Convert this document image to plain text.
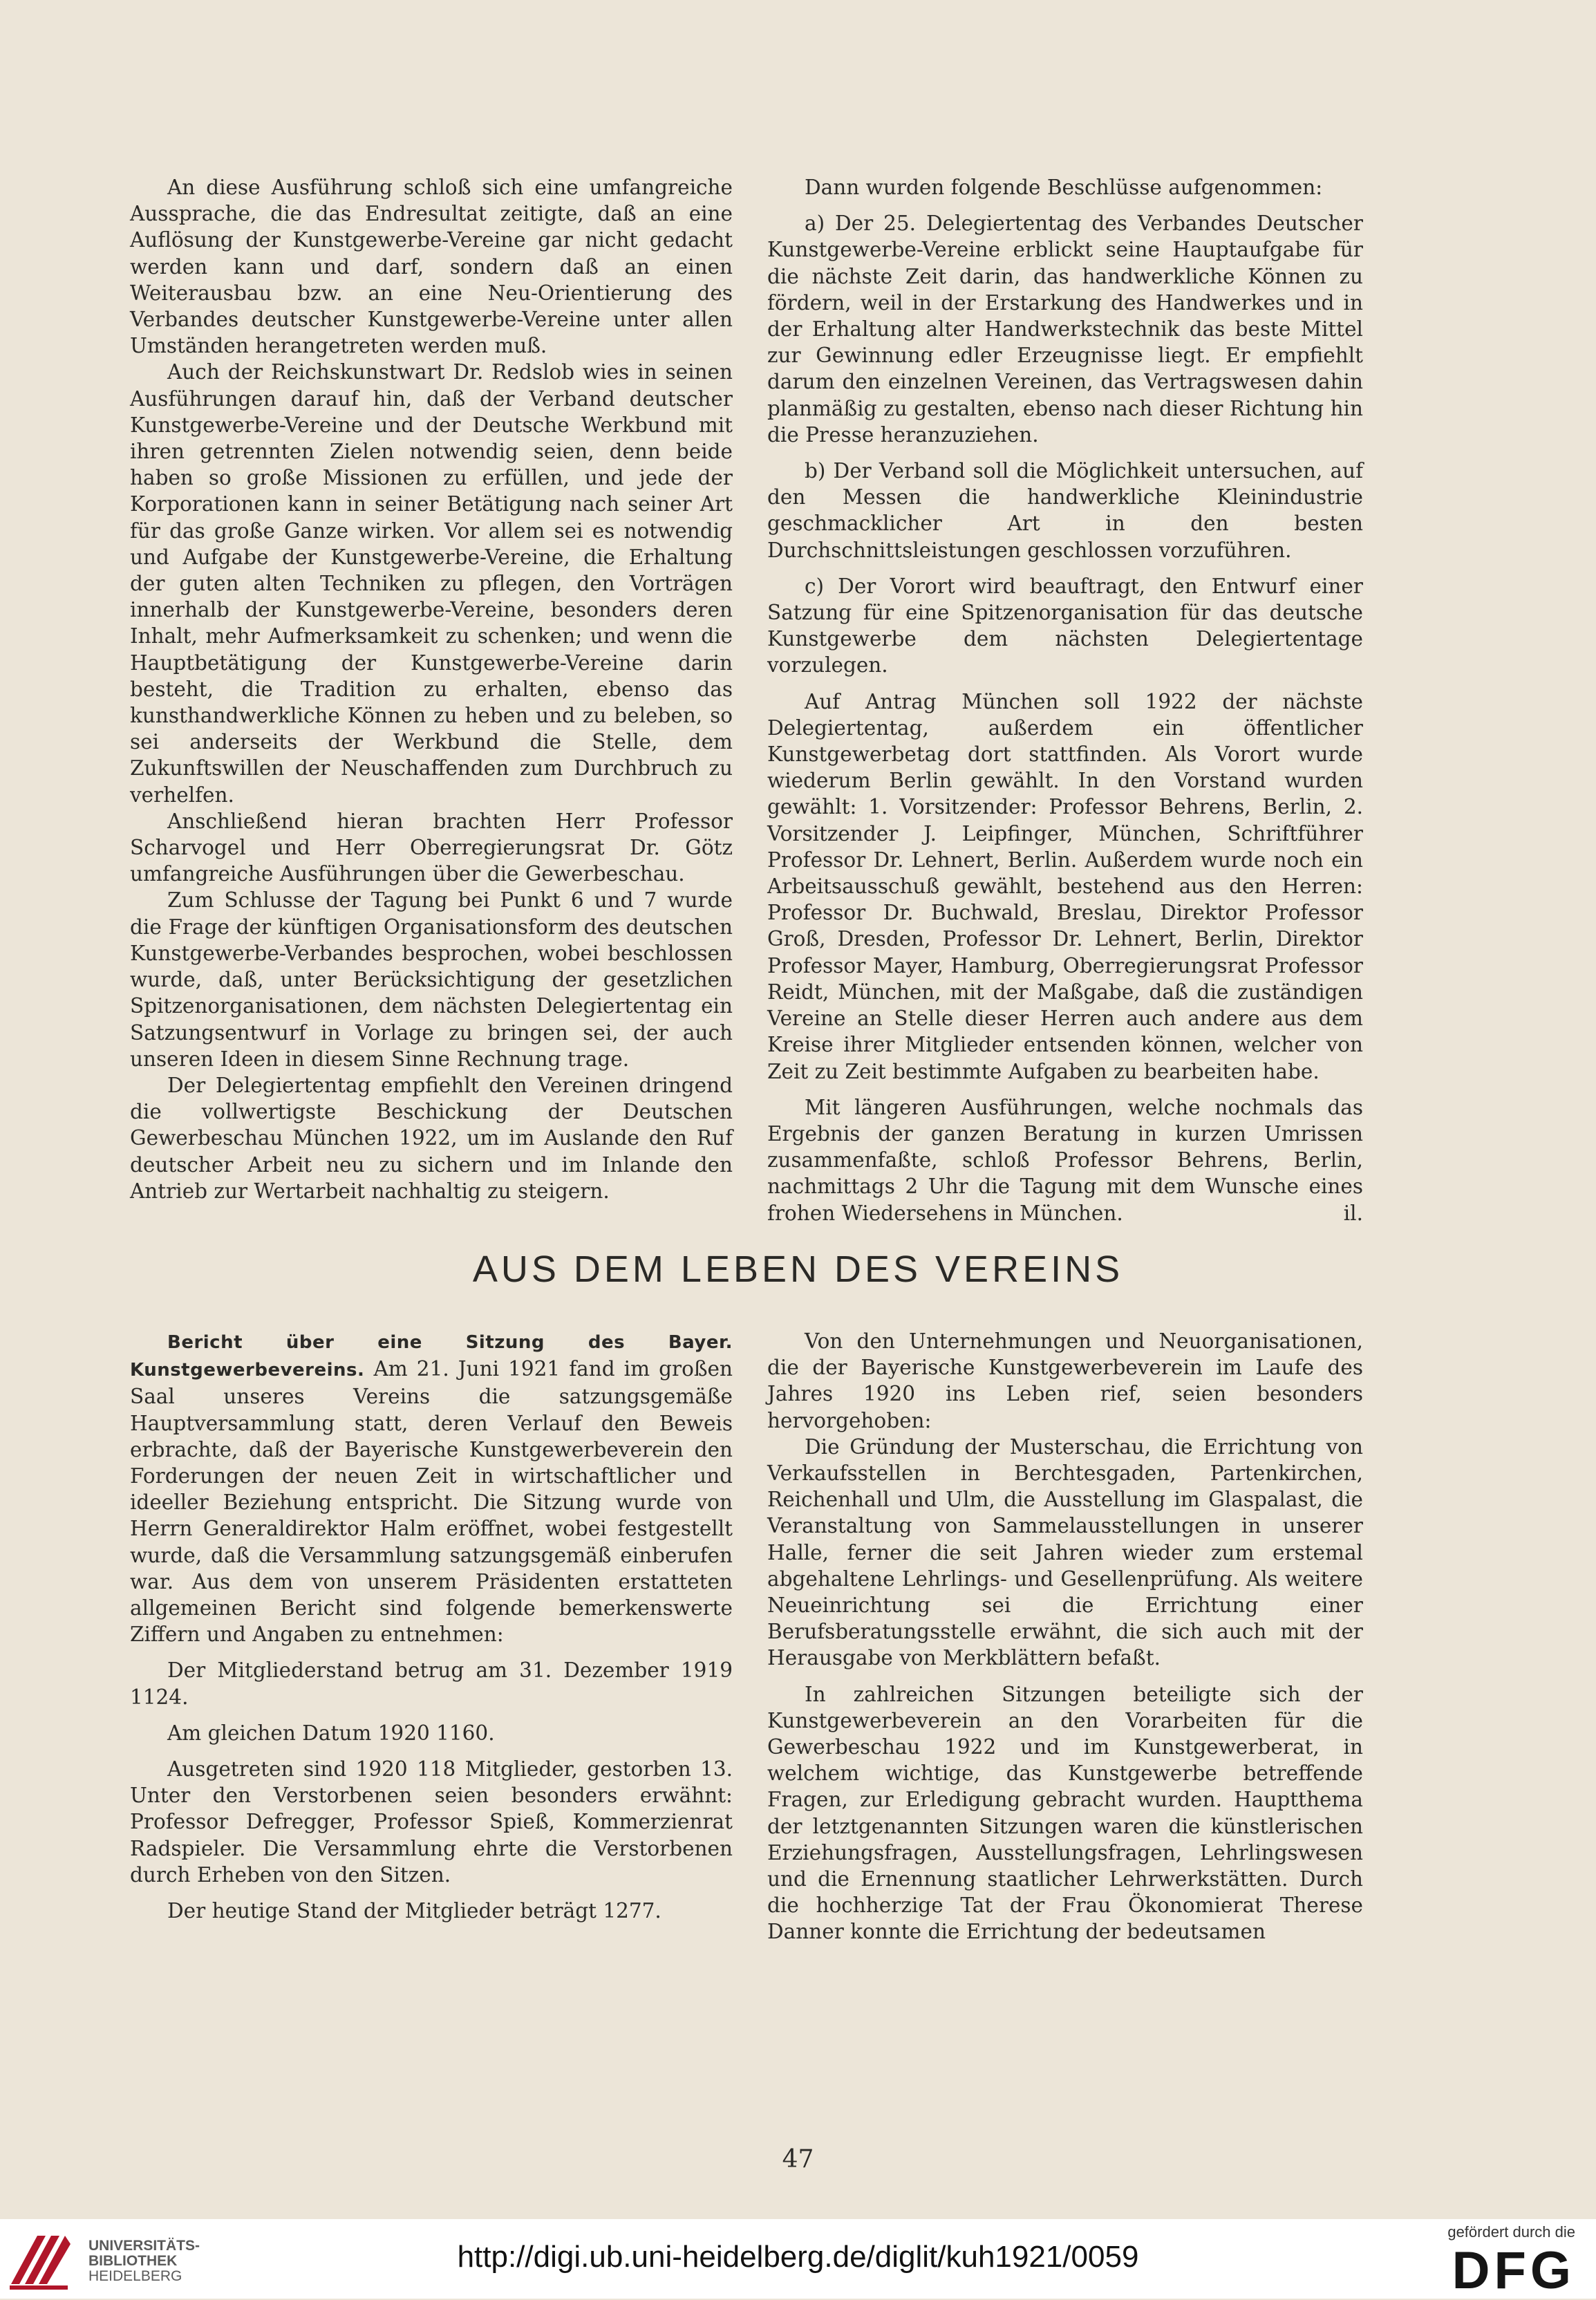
An diese Ausführung schloß sich eine umfangreiche Aussprache, die das Endresultat zeitigte, daß an eine Auflösung der Kunstgewerbe-Vereine gar nicht gedacht werden kann und darf, sondern daß an einen Weiterausbau bzw. an eine Neu-Orientierung des Verbandes deutscher Kunstgewerbe-Vereine unter allen Umständen herangetreten werden muß.

Auch der Reichskunstwart Dr. Redslob wies in seinen Ausführungen darauf hin, daß der Verband deutscher Kunstgewerbe-Vereine und der Deutsche Werkbund mit ihren getrennten Zielen notwendig seien, denn beide haben so große Missionen zu erfüllen, und jede der Korporationen kann in seiner Betätigung nach seiner Art für das große Ganze wirken. Vor allem sei es notwendig und Aufgabe der Kunstgewerbe-Vereine, die Erhaltung der guten alten Techniken zu pflegen, den Vorträgen innerhalb der Kunstgewerbe-Vereine, besonders deren Inhalt, mehr Aufmerksamkeit zu schenken; und wenn die Hauptbetätigung der Kunstgewerbe-Vereine darin besteht, die Tradition zu erhalten, ebenso das kunsthandwerkliche Können zu heben und zu beleben, so sei anderseits der Werkbund die Stelle, dem Zukunftswillen der Neuschaffenden zum Durchbruch zu verhelfen.

Anschließend hieran brachten Herr Professor Scharvogel und Herr Oberregierungsrat Dr. Götz umfangreiche Ausführungen über die Gewerbeschau.

Zum Schlusse der Tagung bei Punkt 6 und 7 wurde die Frage der künftigen Organisationsform des deutschen Kunstgewerbe-Verbandes besprochen, wobei beschlossen wurde, daß, unter Berücksichtigung der gesetzlichen Spitzenorganisationen, dem nächsten Delegiertentag ein Satzungsentwurf in Vorlage zu bringen sei, der auch unseren Ideen in diesem Sinne Rechnung trage.

Der Delegiertentag empfiehlt den Vereinen dringend die vollwertigste Beschickung der Deutschen Gewerbeschau München 1922, um im Auslande den Ruf deutscher Arbeit neu zu sichern und im Inlande den Antrieb zur Wertarbeit nachhaltig zu steigern.

Dann wurden folgende Beschlüsse aufgenommen:

a) Der 25. Delegiertentag des Verbandes Deutscher Kunstgewerbe-Vereine erblickt seine Hauptaufgabe für die nächste Zeit darin, das handwerkliche Können zu fördern, weil in der Erstarkung des Handwerkes und in der Erhaltung alter Handwerkstechnik das beste Mittel zur Gewinnung edler Erzeugnisse liegt. Er empfiehlt darum den einzelnen Vereinen, das Vertragswesen dahin planmäßig zu gestalten, ebenso nach dieser Richtung hin die Presse heranzuziehen.

b) Der Verband soll die Möglichkeit untersuchen, auf den Messen die handwerkliche Kleinindustrie geschmacklicher Art in den besten Durchschnittsleistungen geschlossen vorzuführen.

c) Der Vorort wird beauftragt, den Entwurf einer Satzung für eine Spitzenorganisation für das deutsche Kunstgewerbe dem nächsten Delegiertentage vorzulegen.

Auf Antrag München soll 1922 der nächste Delegiertentag, außerdem ein öffentlicher Kunstgewerbetag dort stattfinden. Als Vorort wurde wiederum Berlin gewählt. In den Vorstand wurden gewählt: 1. Vorsitzender: Professor Behrens, Berlin, 2. Vorsitzender J. Leipfinger, München, Schriftführer Professor Dr. Lehnert, Berlin. Außerdem wurde noch ein Arbeitsausschuß gewählt, bestehend aus den Herren: Professor Dr. Buchwald, Breslau, Direktor Professor Groß, Dresden, Professor Dr. Lehnert, Berlin, Direktor Professor Mayer, Hamburg, Oberregierungsrat Professor Reidt, München, mit der Maßgabe, daß die zuständigen Vereine an Stelle dieser Herren auch andere aus dem Kreise ihrer Mitglieder entsenden können, welcher von Zeit zu Zeit bestimmte Aufgaben zu bearbeiten habe.

Mit längeren Ausführungen, welche nochmals das Ergebnis der ganzen Beratung in kurzen Umrissen zusammenfaßte, schloß Professor Behrens, Berlin, nachmittags 2 Uhr die Tagung mit dem Wunsche eines frohen Wiedersehens in München.	il.

AUS DEM LEBEN DES VEREINS

Bericht über eine Sitzung des Bayer. Kunstgewerbevereins. Am 21. Juni 1921 fand im großen Saal unseres Vereins die satzungsgemäße Hauptversammlung statt, deren Verlauf den Beweis erbrachte, daß der Bayerische Kunstgewerbeverein den Forderungen der neuen Zeit in wirtschaftlicher und ideeller Beziehung entspricht. Die Sitzung wurde von Herrn Generaldirektor Halm eröffnet, wobei festgestellt wurde, daß die Versammlung satzungsgemäß einberufen war. Aus dem von unserem Präsidenten erstatteten allgemeinen Bericht sind folgende bemerkenswerte Ziffern und Angaben zu entnehmen:

Der Mitgliederstand betrug am 31. Dezember 1919 1124.

Am gleichen Datum 1920 1160.

Ausgetreten sind 1920 118 Mitglieder, gestorben 13. Unter den Verstorbenen seien besonders erwähnt: Professor Defregger, Professor Spieß, Kommerzienrat Radspieler. Die Versammlung ehrte die Verstorbenen durch Erheben von den Sitzen.

Der heutige Stand der Mitglieder beträgt 1277.

Von den Unternehmungen und Neuorganisationen, die der Bayerische Kunstgewerbeverein im Laufe des Jahres 1920 ins Leben rief, seien besonders hervorgehoben:

Die Gründung der Musterschau, die Errichtung von Verkaufsstellen in Berchtesgaden, Partenkirchen, Reichenhall und Ulm, die Ausstellung im Glaspalast, die Veranstaltung von Sammelausstellungen in unserer Halle, ferner die seit Jahren wieder zum erstemal abgehaltene Lehrlings- und Gesellenprüfung. Als weitere Neueinrichtung sei die Errichtung einer Berufsberatungsstelle erwähnt, die sich auch mit der Herausgabe von Merkblättern befaßt.

In zahlreichen Sitzungen beteiligte sich der Kunstgewerbeverein an den Vorarbeiten für die Gewerbeschau 1922 und im Kunstgewerberat, in welchem wichtige, das Kunstgewerbe betreffende Fragen, zur Erledigung gebracht wurden. Hauptthema der letztgenannten Sitzungen waren die künstlerischen Erziehungsfragen, Ausstellungsfragen, Lehrlingswesen und die Ernennung staatlicher Lehrwerkstätten. Durch die hochherzige Tat der Frau Ökonomierat Therese Danner konnte die Errichtung der bedeutsamen

47
UNIVERSITÄTS-
BIBLIOTHEK
HEIDELBERG
http://digi.ub.uni-heidelberg.de/diglit/kuh1921/0059
gefördert durch die
DFG
